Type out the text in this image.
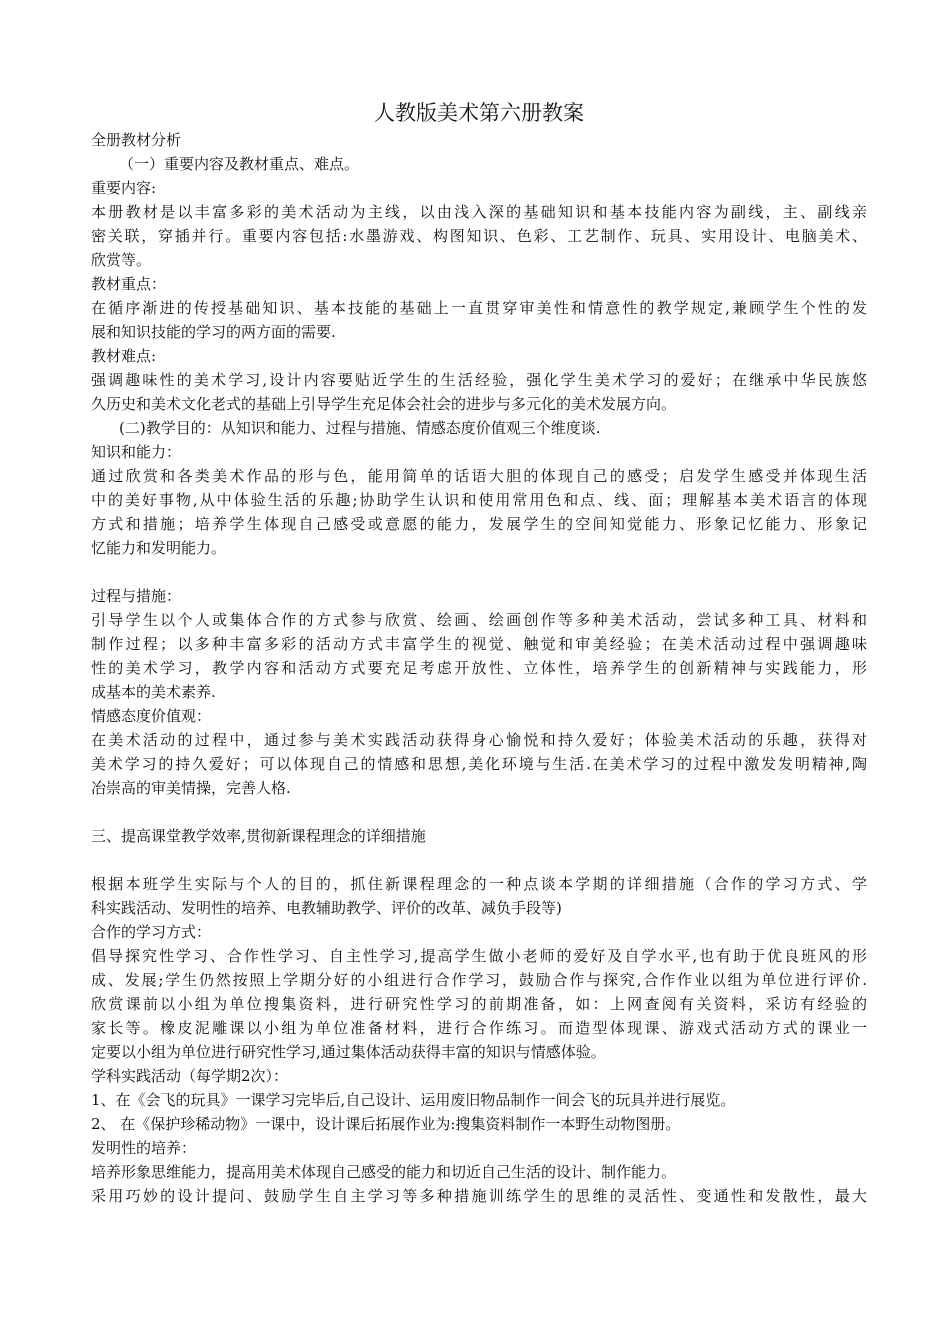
人教版美术第六册教案
全册教材分析
（一）重要内容及教材重点、难点。
重要内容:
本册教材是以丰富多彩的美术活动为主线，以由浅入深的基础知识和基本技能内容为副线，主、副线亲
密关联，穿插并行。重要内容包括:水墨游戏、构图知识、色彩、工艺制作、玩具、实用设计、电脑美术、
欣赏等。
教材重点：
在循序渐进的传授基础知识、基本技能的基础上一直贯穿审美性和情意性的教学规定,兼顾学生个性的发
展和知识技能的学习的两方面的需要.
教材难点:
强调趣味性的美术学习,设计内容要贴近学生的生活经验，强化学生美术学习的爱好；在继承中华民族悠
久历史和美术文化老式的基础上引导学生充足体会社会的进步与多元化的美术发展方向。
(二)教学目的：从知识和能力、过程与措施、情感态度价值观三个维度谈.
知识和能力：
通过欣赏和各类美术作品的形与色，能用简单的话语大胆的体现自己的感受；启发学生感受并体现生活
中的美好事物,从中体验生活的乐趣;协助学生认识和使用常用色和点、线、面；理解基本美术语言的体现
方式和措施；培养学生体现自己感受或意愿的能力，发展学生的空间知觉能力、形象记忆能力、形象记
忆能力和发明能力。
过程与措施：
引导学生以个人或集体合作的方式参与欣赏、绘画、绘画创作等多种美术活动，尝试多种工具、材料和
制作过程；以多种丰富多彩的活动方式丰富学生的视觉、触觉和审美经验；在美术活动过程中强调趣味
性的美术学习，教学内容和活动方式要充足考虑开放性、立体性，培养学生的创新精神与实践能力，形
成基本的美术素养.
情感态度价值观：
在美术活动的过程中，通过参与美术实践活动获得身心愉悦和持久爱好；体验美术活动的乐趣，获得对
美术学习的持久爱好；可以体现自己的情感和思想,美化环境与生活.在美术学习的过程中激发发明精神,陶
冶崇高的审美情操，完善人格.
三、提高课堂教学效率,贯彻新课程理念的详细措施
根据本班学生实际与个人的目的，抓住新课程理念的一种点谈本学期的详细措施（合作的学习方式、学
科实践活动、发明性的培养、电教辅助教学、评价的改革、减负手段等)
合作的学习方式：
倡导探究性学习、合作性学习、自主性学习,提高学生做小老师的爱好及自学水平,也有助于优良班风的形
成、发展;学生仍然按照上学期分好的小组进行合作学习，鼓励合作与探究,合作作业以组为单位进行评价.
欣赏课前以小组为单位搜集资料，进行研究性学习的前期准备，如：上网查阅有关资料，采访有经验的
家长等。橡皮泥雕课以小组为单位准备材料，进行合作练习。而造型体现课、游戏式活动方式的课业一
定要以小组为单位进行研究性学习,通过集体活动获得丰富的知识与情感体验。
学科实践活动（每学期2次）：
1、在《会飞的玩具》一课学习完毕后,自己设计、运用废旧物品制作一间会飞的玩具并进行展览。
2、 在《保护珍稀动物》一课中，设计课后拓展作业为:搜集资料制作一本野生动物图册。
发明性的培养：
培养形象思维能力，提高用美术体现自己感受的能力和切近自己生活的设计、制作能力。
采用巧妙的设计提问、鼓励学生自主学习等多种措施训练学生的思维的灵活性、变通性和发散性，最大
